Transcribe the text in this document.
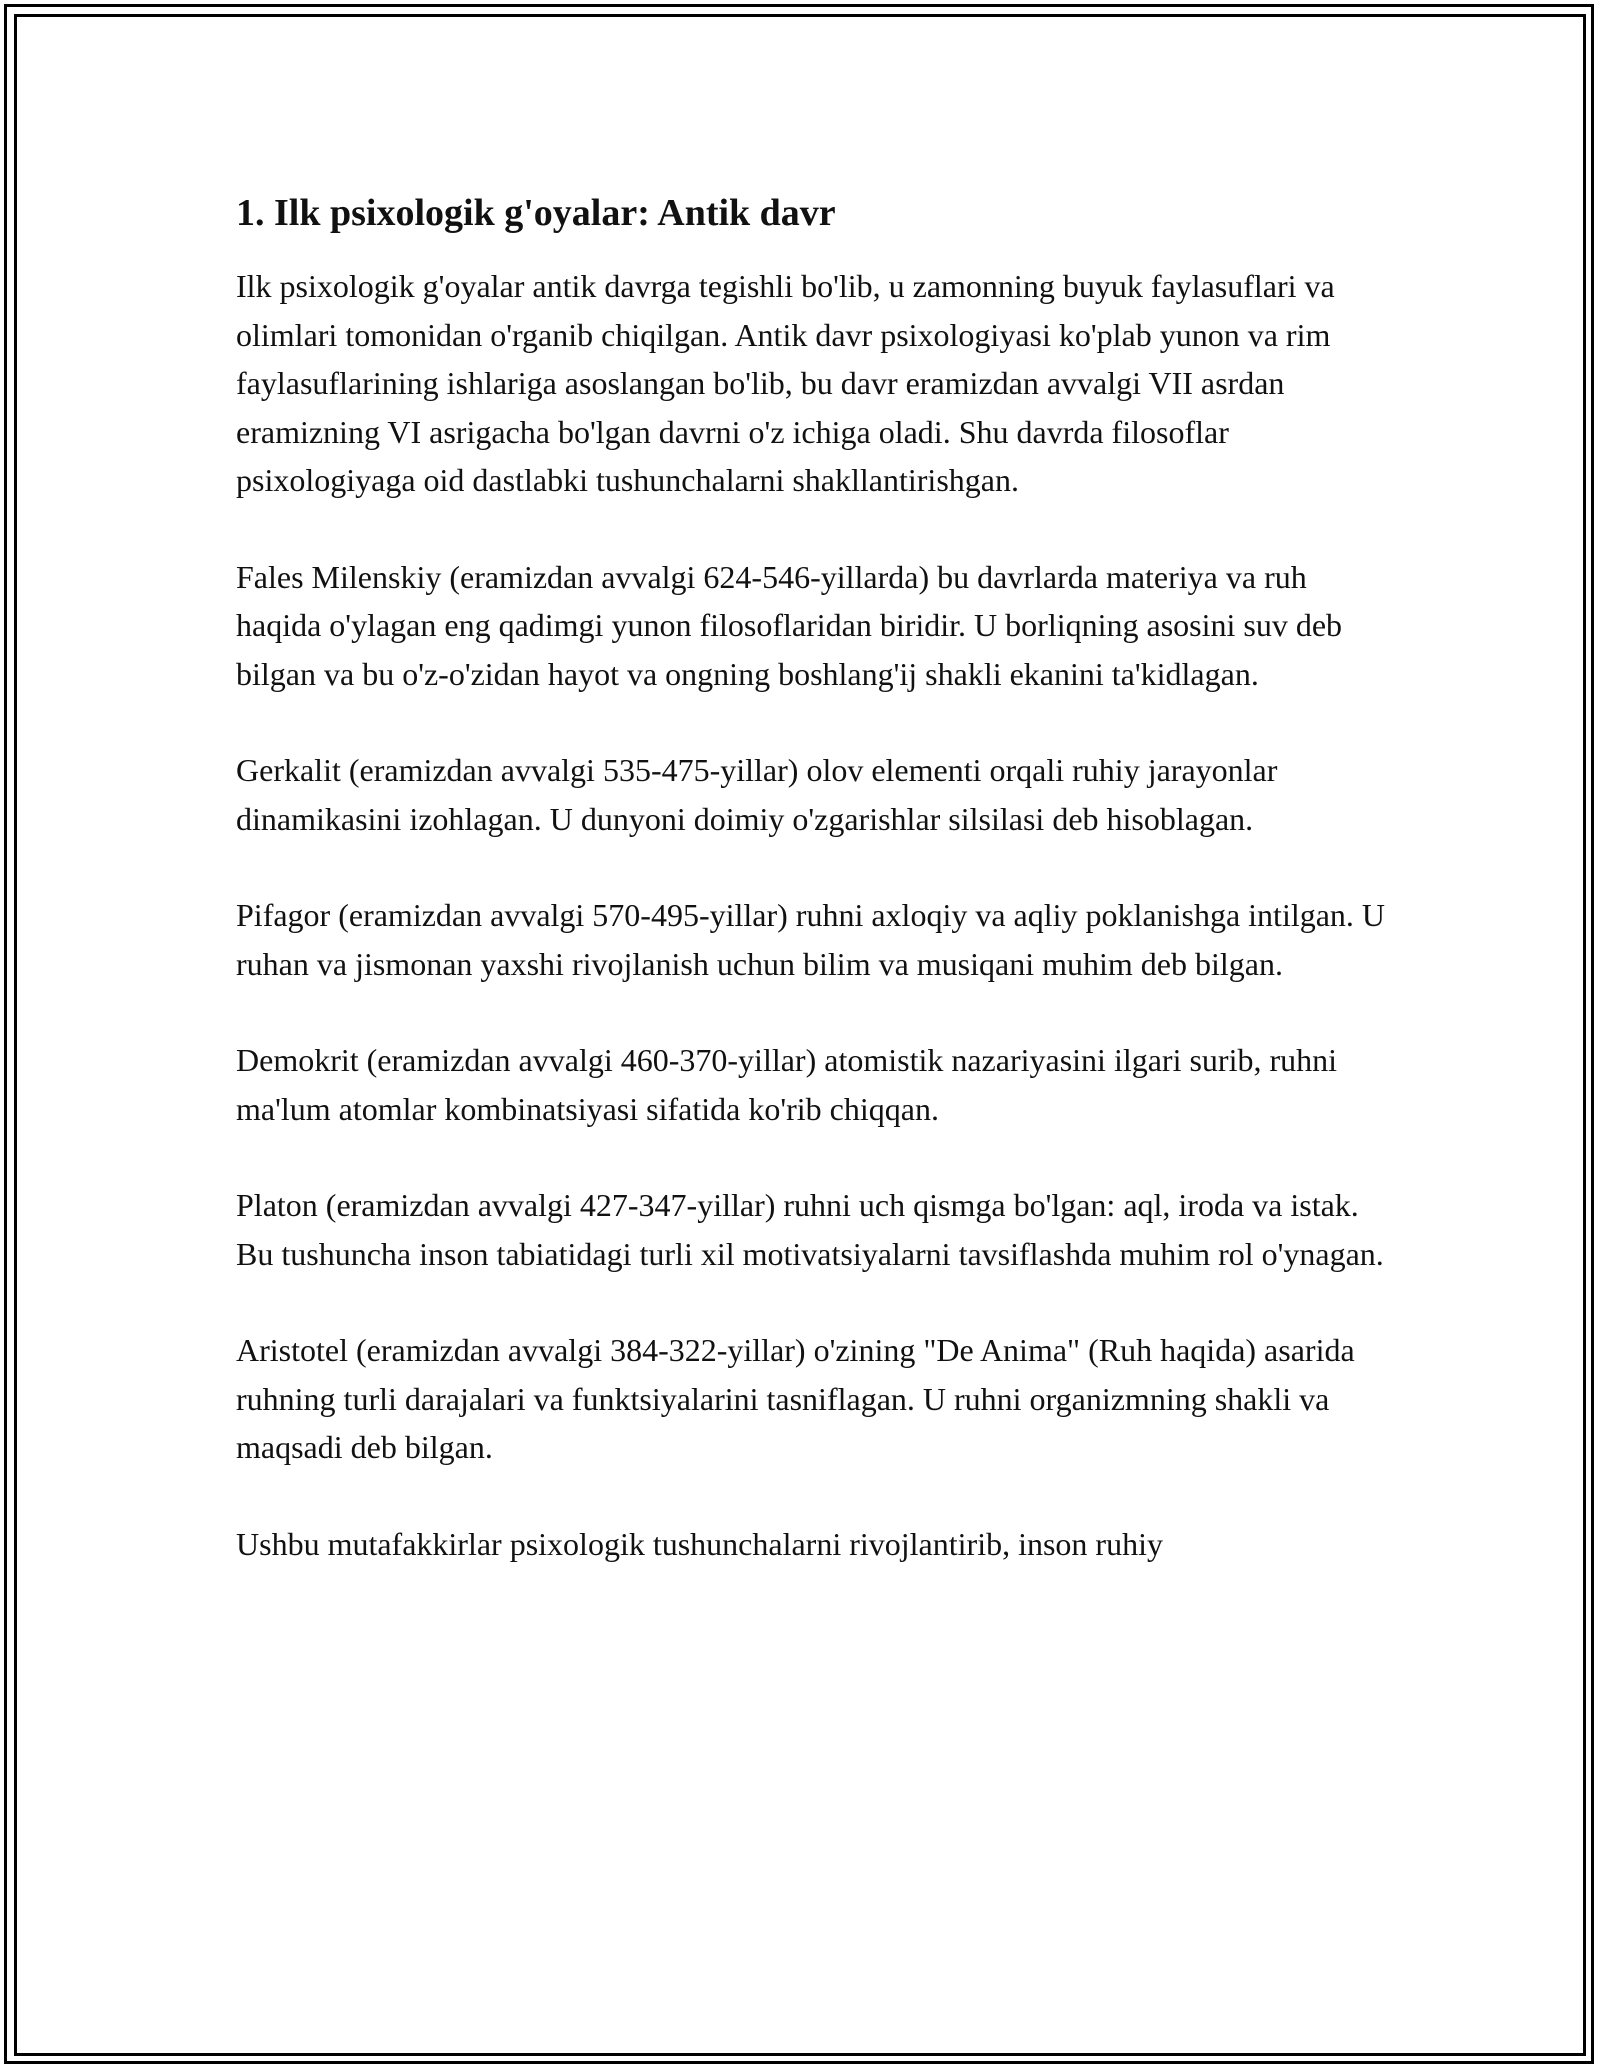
1. Ilk psixologik g'oyalar: Antik davr

Ilk psixologik g'oyalar antik davrga tegishli bo'lib, u zamonning buyuk faylasuflari va olimlari tomonidan o'rganib chiqilgan. Antik davr psixologiyasi ko'plab yunon va rim faylasuflarining ishlariga asoslangan bo'lib, bu davr eramizdan avvalgi VII asrdan eramizning VI asrigacha bo'lgan davrni o'z ichiga oladi. Shu davrda filosoflar psixologiyaga oid dastlabki tushunchalarni shakllantirishgan.

Fales Milenskiy (eramizdan avvalgi 624-546-yillarda) bu davrlarda materiya va ruh haqida o'ylagan eng qadimgi yunon filosoflaridan biridir. U borliqning asosini suv deb bilgan va bu o'z-o'zidan hayot va ongning boshlang'ij shakli ekanini ta'kidlagan.

Gerkalit (eramizdan avvalgi 535-475-yillar) olov elementi orqali ruhiy jarayonlar dinamikasini izohlagan. U dunyoni doimiy o'zgarishlar silsilasi deb hisoblagan.

Pifagor (eramizdan avvalgi 570-495-yillar) ruhni axloqiy va aqliy poklanishga intilgan. U ruhan va jismonan yaxshi rivojlanish uchun bilim va musiqani muhim deb bilgan.

Demokrit (eramizdan avvalgi 460-370-yillar) atomistik nazariyasini ilgari surib, ruhni ma'lum atomlar kombinatsiyasi sifatida ko'rib chiqqan.

Platon (eramizdan avvalgi 427-347-yillar) ruhni uch qismga bo'lgan: aql, iroda va istak. Bu tushuncha inson tabiatidagi turli xil motivatsiyalarni tavsiflashda muhim rol o'ynagan.

Aristotel (eramizdan avvalgi 384-322-yillar) o'zining "De Anima" (Ruh haqida) asarida ruhning turli darajalari va funktsiyalarini tasniflagan. U ruhni organizmning shakli va maqsadi deb bilgan.

Ushbu mutafakkirlar psixologik tushunchalarni rivojlantirib, inson ruhiy
